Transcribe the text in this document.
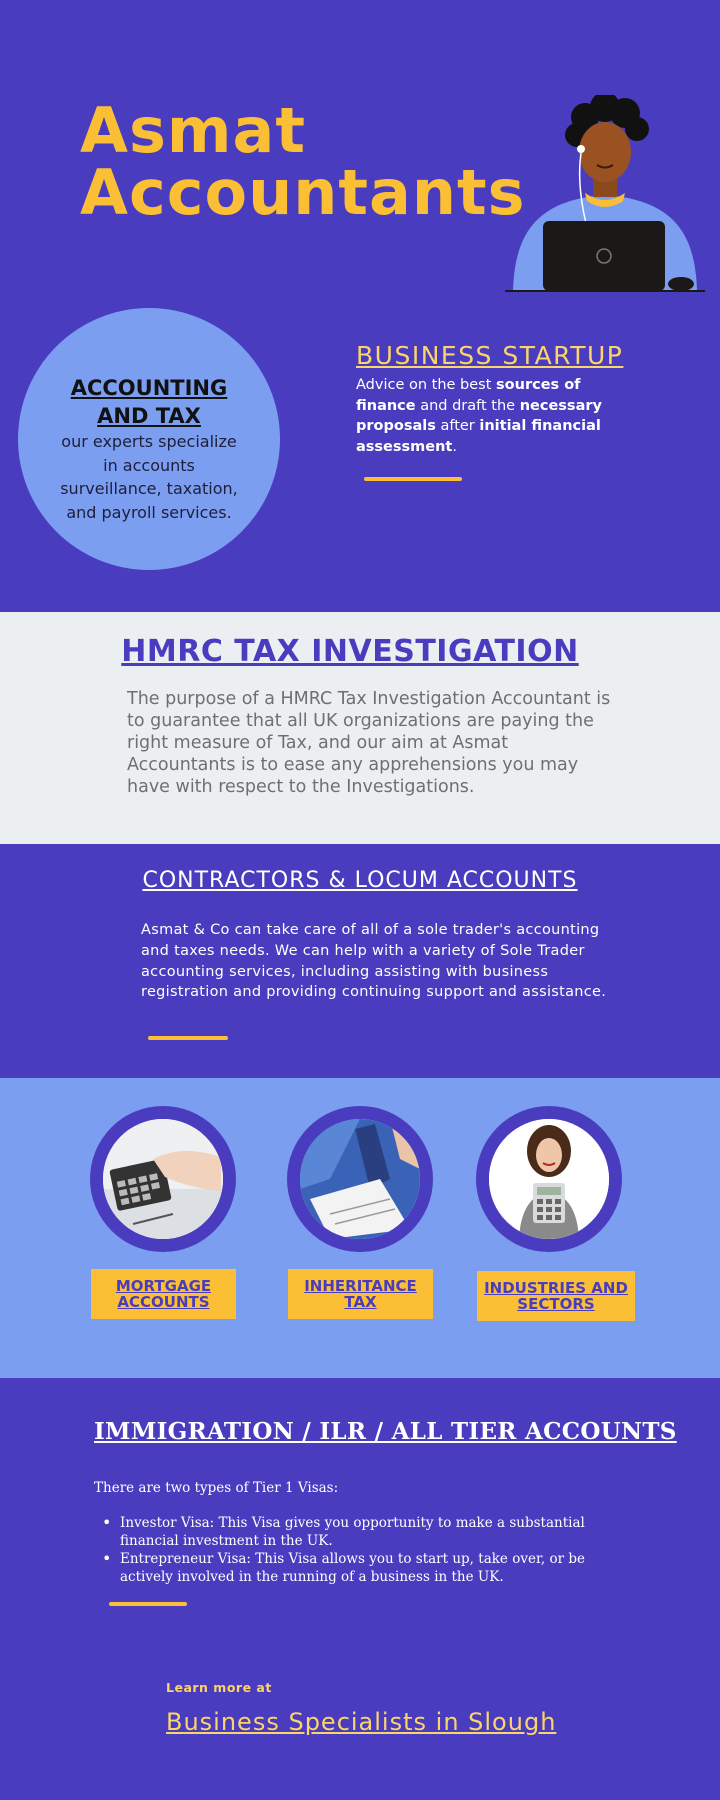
Asmat
Accountants
ACCOUNTING AND TAX
our experts specialize in accounts surveillance, taxation, and payroll services.
BUSINESS STARTUP
Advice on the best sources of finance and draft the necessary proposals after initial financial assessment.
HMRC TAX INVESTIGATION
The purpose of a HMRC Tax Investigation Accountant is to guarantee that all UK organizations are paying the right measure of Tax, and our aim at Asmat Accountants is to ease any apprehensions you may have with respect to the Investigations.
CONTRACTORS & LOCUM ACCOUNTS
Asmat & Co can take care of all of a sole trader's accounting and taxes needs. We can help with a variety of Sole Trader accounting services, including assisting with business registration and providing continuing support and assistance.
MORTGAGE ACCOUNTS
INHERITANCE TAX
INDUSTRIES AND SECTORS
IMMIGRATION / ILR / ALL TIER ACCOUNTS
There are two types of Tier 1 Visas:
• Investor Visa: This Visa gives you opportunity to make a substantial financial investment in the UK.
• Entrepreneur Visa: This Visa allows you to start up, take over, or be actively involved in the running of a business in the UK.
Learn more at
Business Specialists in Slough
